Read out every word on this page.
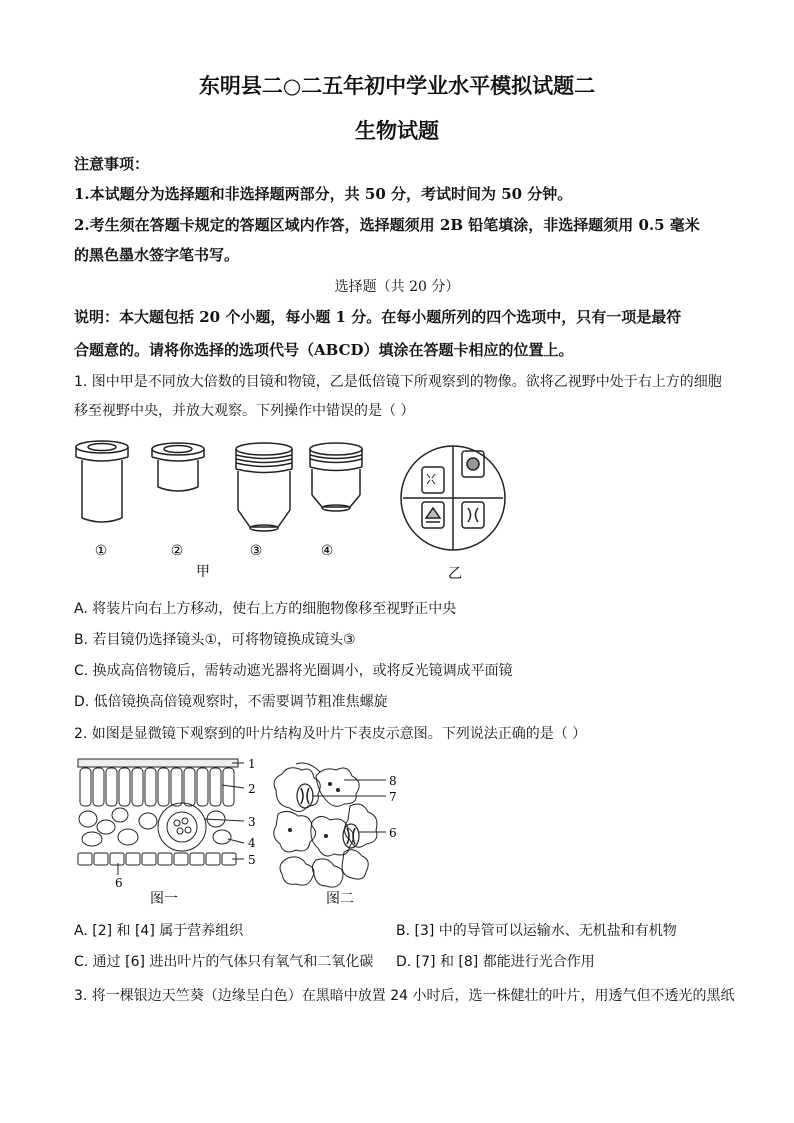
东明县二○二五年初中学业水平模拟试题二
生物试题
注意事项：
1.本试题分为选择题和非选择题两部分，共 50 分，考试时间为 50 分钟。
2.考生须在答题卡规定的答题区域内作答，选择题须用 2B 铅笔填涂，非选择题须用 0.5 毫米
的黑色墨水签字笔书写。
选择题（共 20 分）
说明：本大题包括 20 个小题，每小题 1 分。在每小题所列的四个选项中，只有一项是最符
合题意的。请将你选择的选项代号（ABCD）填涂在答题卡相应的位置上。
1. 图中甲是不同放大倍数的目镜和物镜，乙是低倍镜下所观察到的物像。欲将乙视野中处于右上方的细胞
移至视野中央，并放大观察。下列操作中错误的是（ ）
①	②	③	④
甲	乙
A. 将装片向右上方移动，使右上方的细胞物像移至视野正中央
B. 若目镜仍选择镜头①，可将物镜换成镜头③
C. 换成高倍物镜后，需转动遮光器将光圈调小，或将反光镜调成平面镜
D. 低倍镜换高倍镜观察时，不需要调节粗准焦螺旋
2. 如图是显微镜下观察到的叶片结构及叶片下表皮示意图。下列说法正确的是（ ）
1
2
3
4
5
6
图一
8
7
6
图二
A. [2] 和 [4] 属于营养组织	B. [3] 中的导管可以运输水、无机盐和有机物
C. 通过 [6] 进出叶片的气体只有氧气和二氧化碳 D. [7] 和 [8] 都能进行光合作用
3. 将一棵银边天竺葵（边缘呈白色）在黑暗中放置 24 小时后，选一株健壮的叶片，用透气但不透光的黑纸
